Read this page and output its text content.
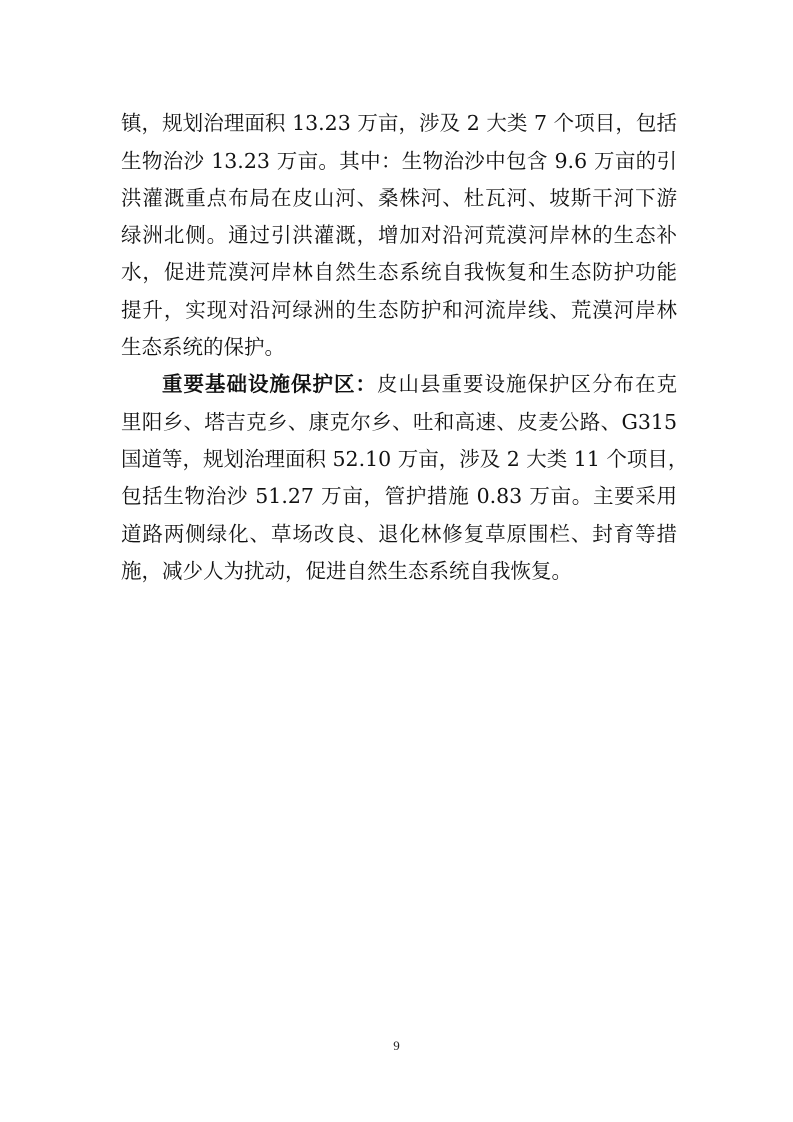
镇，规划治理面积 13.23 万亩，涉及 2 大类 7 个项目，包括
生物治沙 13.23 万亩。其中：生物治沙中包含 9.6 万亩的引
洪灌溉重点布局在皮山河、桑株河、杜瓦河、坡斯干河下游
绿洲北侧。通过引洪灌溉，增加对沿河荒漠河岸林的生态补
水，促进荒漠河岸林自然生态系统自我恢复和生态防护功能
提升，实现对沿河绿洲的生态防护和河流岸线、荒漠河岸林
生态系统的保护。
重要基础设施保护区：皮山县重要设施保护区分布在克
里阳乡、塔吉克乡、康克尔乡、吐和高速、皮麦公路、G315
国道等，规划治理面积 52.10 万亩，涉及 2 大类 11 个项目，
包括生物治沙 51.27 万亩，管护措施 0.83 万亩。主要采用
道路两侧绿化、草场改良、退化林修复草原围栏、封育等措
施，减少人为扰动，促进自然生态系统自我恢复。
9
